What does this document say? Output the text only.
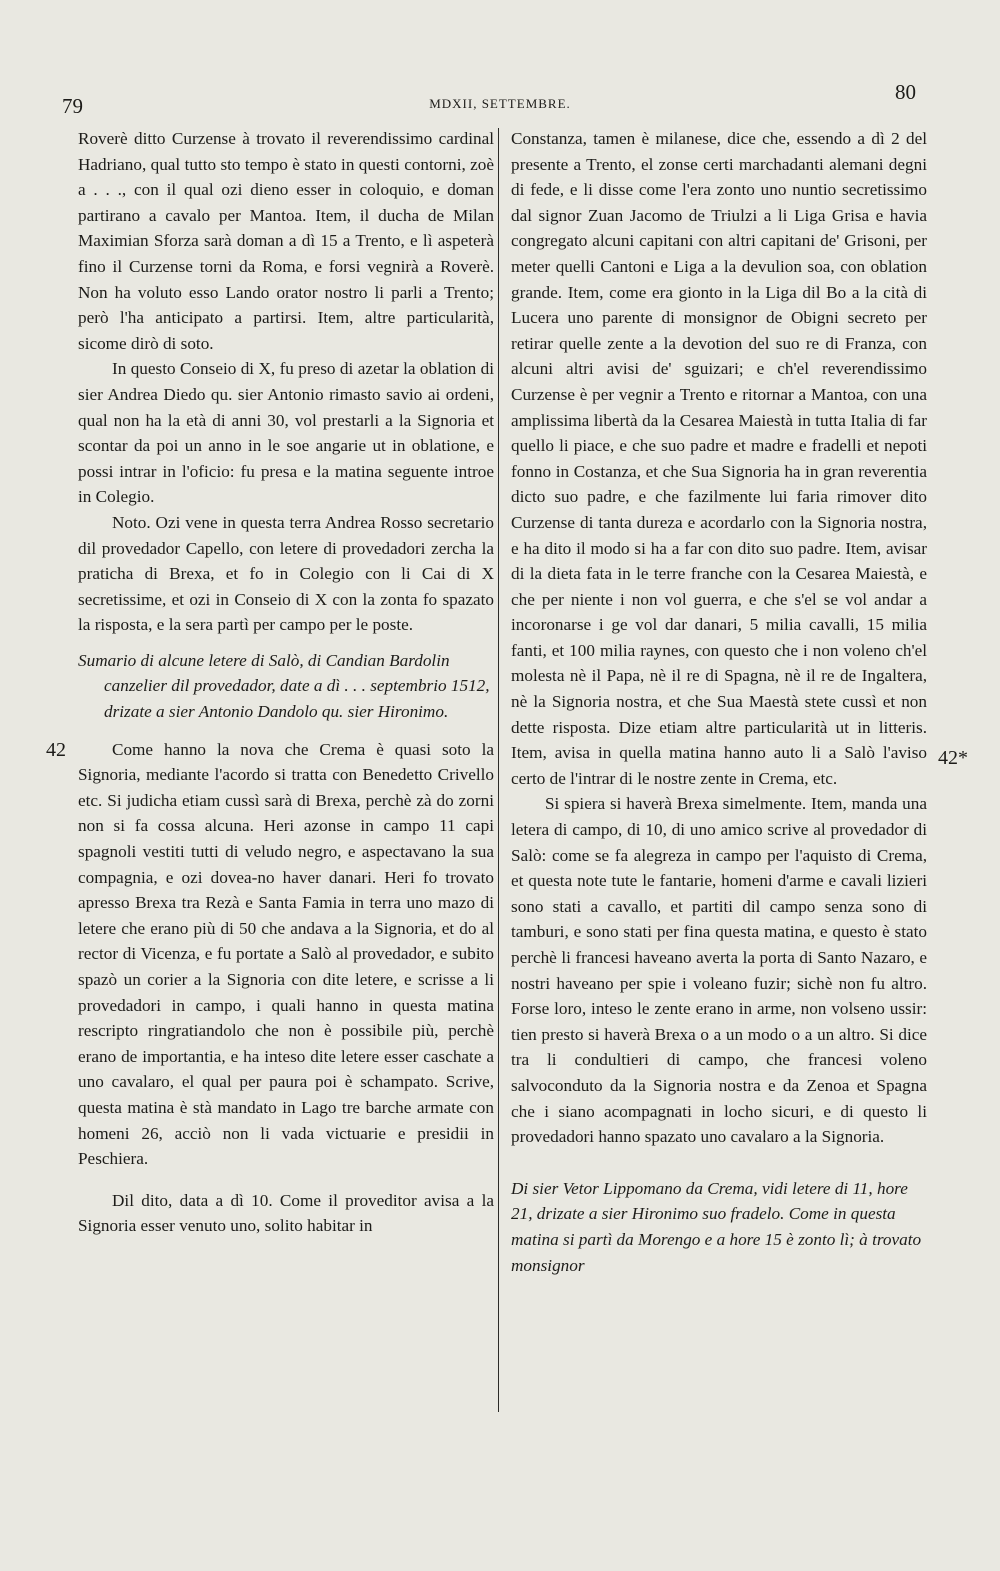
79	MDXII, SETTEMBRE.	80

Roverè ditto Curzense à trovato il reverendissimo cardinal Hadriano, qual tutto sto tempo è stato in questi contorni, zoè a . . ., con il qual ozi dieno esser in coloquio, e doman partirano a cavalo per Mantoa. Item, il ducha de Milan Maximian Sforza sarà doman a dì 15 a Trento, e lì aspeterà fino il Curzense torni da Roma, e forsi vegnirà a Roverè. Non ha voluto esso Lando orator nostro li parli a Trento; però l'ha anticipato a partirsi. Item, altre particularità, sicome dirò di soto.

In questo Conseio di X, fu preso di azetar la oblation di sier Andrea Diedo qu. sier Antonio rimasto savio ai ordeni, qual non ha la età di anni 30, vol prestarli a la Signoria et scontar da poi un anno in le soe angarie ut in oblatione, e possi intrar in l'oficio: fu presa e la matina seguente introe in Colegio.

Noto. Ozi vene in questa terra Andrea Rosso secretario dil provedador Capello, con letere di provedadori zercha la praticha di Brexa, et fo in Colegio con li Cai di X secretissime, et ozi in Conseio di X con la zonta fo spazato la risposta, e la sera partì per campo per le poste.

Sumario di alcune letere di Salò, di Candian Bardolin canzelier dil provedador, date a dì . . . septembrio 1512, drizate a sier Antonio Dandolo qu. sier Hironimo.

Come hanno la nova che Crema è quasi soto la Signoria, mediante l'acordo si tratta con Benedetto Crivello etc. Si judicha etiam cussì sarà di Brexa, perchè zà do zorni non si fa cossa alcuna. Heri azonse in campo 11 capi spagnoli vestiti tutti di veludo negro, e aspectavano la sua compagnia, e ozi dovea-no haver danari. Heri fo trovato apresso Brexa tra Rezà e Santa Famia in terra uno mazo di letere che erano più di 50 che andava a la Signoria, et do al rector di Vicenza, e fu portate a Salò al provedador, e subito spazò un corier a la Signoria con dite letere, e scrisse a li provedadori in campo, i quali hanno in questa matina rescripto ringratiandolo che non è possibile più, perchè erano de importantia, e ha inteso dite letere esser caschate a uno cavalaro, el qual per paura poi è schampato. Scrive, questa matina è stà mandato in Lago tre barche armate con homeni 26, acciò non li vada victuarie e presidii in Peschiera.

Dil dito, data a dì 10. Come il proveditor avisa a la Signoria esser venuto uno, solito habitar in

Constanza, tamen è milanese, dice che, essendo a dì 2 del presente a Trento, el zonse certi marchadanti alemani degni di fede, e li disse come l'era zonto uno nuntio secretissimo dal signor Zuan Jacomo de Triulzi a li Liga Grisa e havia congregato alcuni capitani con altri capitani de' Grisoni, per meter quelli Cantoni e Liga a la devulion soa, con oblation grande. Item, come era gionto in la Liga dil Bo a la cità di Lucera uno parente di monsignor de Obigni secreto per retirar quelle zente a la devotion del suo re di Franza, con alcuni altri avisi de' sguizari; e ch'el reverendissimo Curzense è per vegnir a Trento e ritornar a Mantoa, con una amplissima libertà da la Cesarea Maiestà in tutta Italia di far quello li piace, e che suo padre et madre e fradelli et nepoti fonno in Costanza, et che Sua Signoria ha in gran reverentia dicto suo padre, e che fazilmente lui faria rimover dito Curzense di tanta dureza e acordarlo con la Signoria nostra, e ha dito il modo si ha a far con dito suo padre. Item, avisar di la dieta fata in le terre franche con la Cesarea Maiestà, e che per niente i non vol guerra, e che s'el se vol andar a incoronarse i ge vol dar danari, 5 milia cavalli, 15 milia fanti, et 100 milia raynes, con questo che i non voleno ch'el molesta nè il Papa, nè il re di Spagna, nè il re de Ingaltera, nè la Signoria nostra, et che Sua Maestà stete cussì et non dette risposta. Dize etiam altre particularità ut in litteris. Item, avisa in quella matina hanno auto li a Salò l'aviso certo de l'intrar di le nostre zente in Crema, etc.

Si spiera si haverà Brexa simelmente. Item, manda una letera di campo, di 10, di uno amico scrive al provedador di Salò: come se fa alegreza in campo per l'aquisto di Crema, et questa note tute le fantarie, homeni d'arme e cavali lizieri sono stati a cavallo, et partiti dil campo senza sono di tamburi, e sono stati per fina questa matina, e questo è stato perchè li francesi haveano averta la porta di Santo Nazaro, e nostri haveano per spie i voleano fuzir; sichè non fu altro. Forse loro, inteso le zente erano in arme, non volseno ussir: tien presto si haverà Brexa o a un modo o a un altro. Si dice tra li condultieri di campo, che francesi voleno salvoconduto da la Signoria nostra e da Zenoa et Spagna che i siano acompagnati in locho sicuri, e di questo li provedadori hanno spazato uno cavalaro a la Signoria.

Di sier Vetor Lippomano da Crema, vidi letere di 11, hore 21, drizate a sier Hironimo suo fradelo. Come in questa matina si partì da Morengo e a hore 15 è zonto lì; à trovato monsignor

42	42*
